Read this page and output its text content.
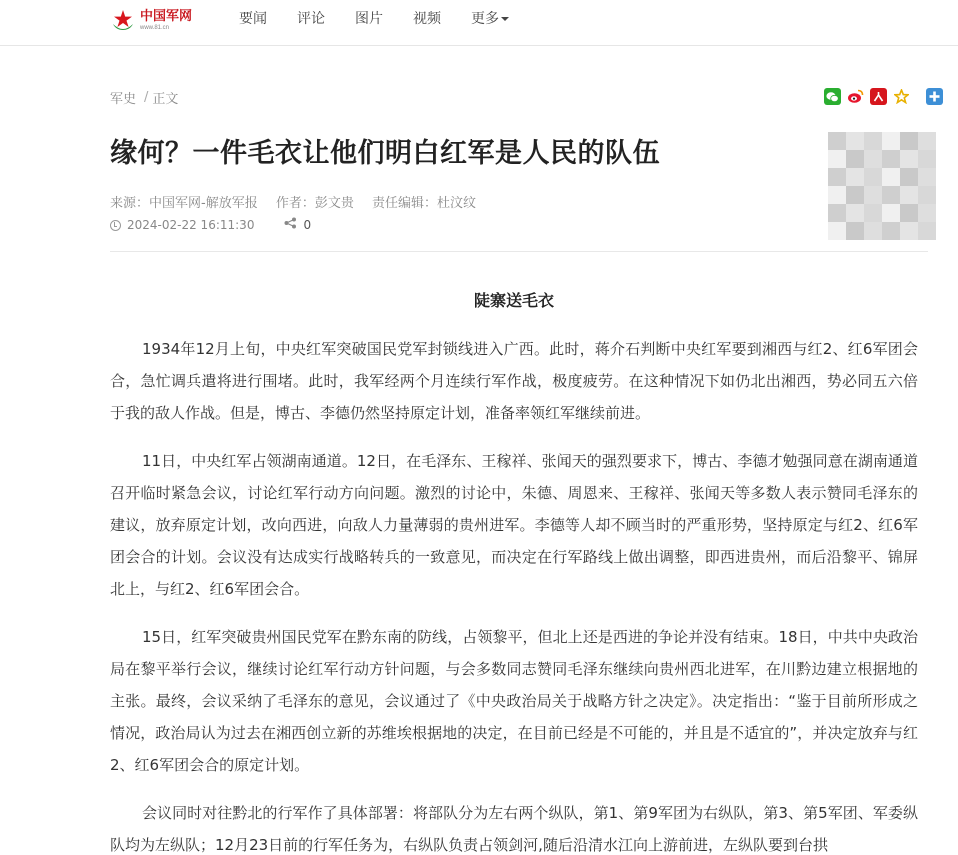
中国军网
www.81.cn
要闻 评论 图片 视频 更多
军史 / 正文
缘何？一件毛衣让他们明白红军是人民的队伍
来源：中国军网-解放军报 作者：彭文贵 责任编辑：杜汶纹
2024-02-22 16:11:30	0
陡寨送毛衣

1934年12月上旬，中央红军突破国民党军封锁线进入广西。此时，蒋介石判断中央红军要到湘西与红2、红6军团会合，急忙调兵遣将进行围堵。此时，我军经两个月连续行军作战，极度疲劳。在这种情况下如仍北出湘西，势必同五六倍于我的敌人作战。但是，博古、李德仍然坚持原定计划，准备率领红军继续前进。

11日，中央红军占领湖南通道。12日，在毛泽东、王稼祥、张闻天的强烈要求下，博古、李德才勉强同意在湖南通道召开临时紧急会议，讨论红军行动方向问题。激烈的讨论中，朱德、周恩来、王稼祥、张闻天等多数人表示赞同毛泽东的建议，放弃原定计划，改向西进，向敌人力量薄弱的贵州进军。李德等人却不顾当时的严重形势，坚持原定与红2、红6军团会合的计划。会议没有达成实行战略转兵的一致意见，而决定在行军路线上做出调整，即西进贵州，而后沿黎平、锦屏北上，与红2、红6军团会合。

15日，红军突破贵州国民党军在黔东南的防线，占领黎平，但北上还是西进的争论并没有结束。18日，中共中央政治局在黎平举行会议，继续讨论红军行动方针问题，与会多数同志赞同毛泽东继续向贵州西北进军，在川黔边建立根据地的主张。最终，会议采纳了毛泽东的意见，会议通过了《中央政治局关于战略方针之决定》。决定指出：“鉴于目前所形成之情况，政治局认为过去在湘西创立新的苏维埃根据地的决定，在目前已经是不可能的，并且是不适宜的”，并决定放弃与红2、红6军团会合的原定计划。

会议同时对往黔北的行军作了具体部署：将部队分为左右两个纵队，第1、第9军团为右纵队，第3、第5军团、军委纵队均为左纵队；12月23日前的行军任务为，右纵队负责占领剑河,随后沿清水江向上游前进，左纵队要到台拱
